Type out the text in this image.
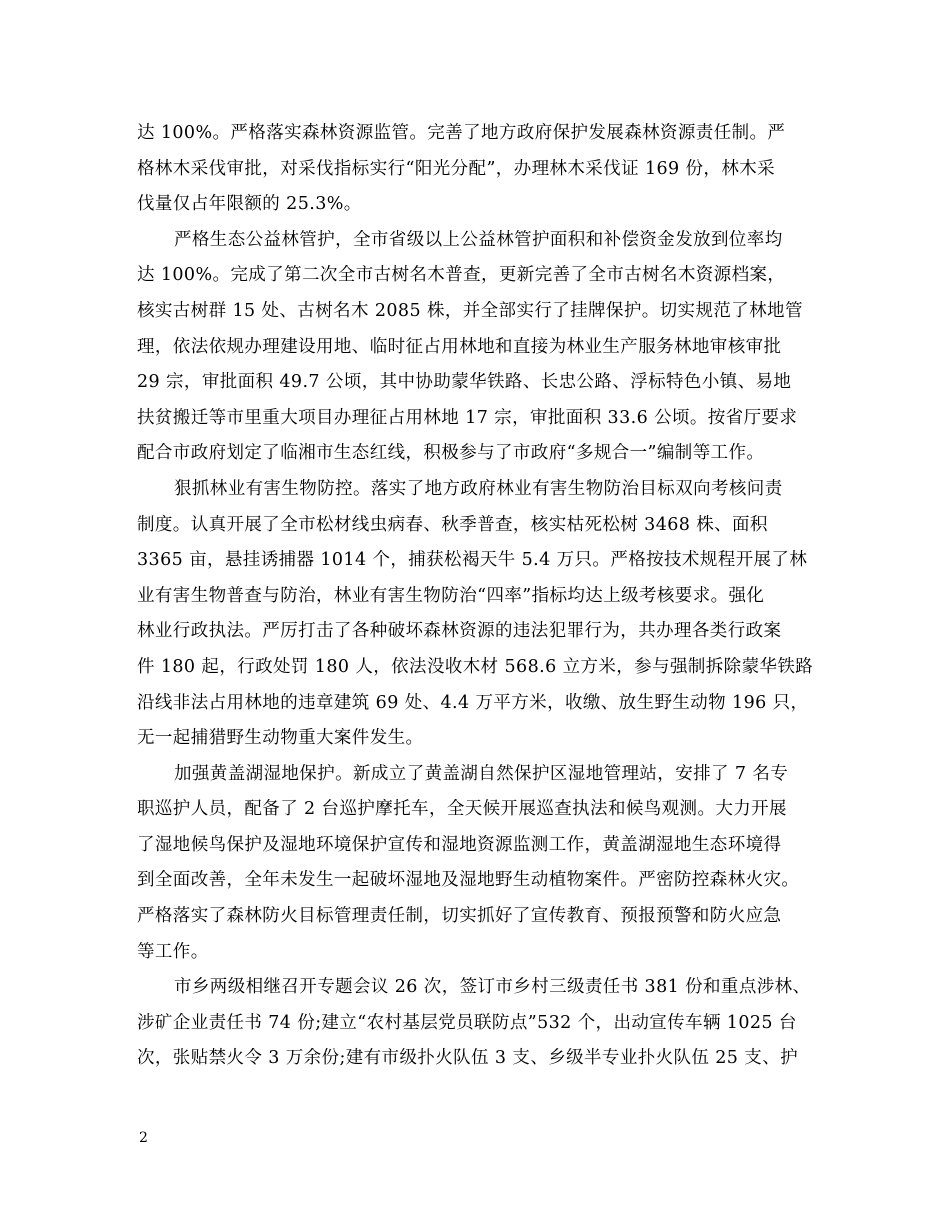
达 100%。严格落实森林资源监管。完善了地方政府保护发展森林资源责任制。严
格林木采伐审批，对采伐指标实行“阳光分配”，办理林木采伐证 169 份，林木采
伐量仅占年限额的 25.3%。
严格生态公益林管护，全市省级以上公益林管护面积和补偿资金发放到位率均
达 100%。完成了第二次全市古树名木普查，更新完善了全市古树名木资源档案，
核实古树群 15 处、古树名木 2085 株，并全部实行了挂牌保护。切实规范了林地管
理，依法依规办理建设用地、临时征占用林地和直接为林业生产服务林地审核审批
29 宗，审批面积 49.7 公顷，其中协助蒙华铁路、长忠公路、浮标特色小镇、易地
扶贫搬迁等市里重大项目办理征占用林地 17 宗，审批面积 33.6 公顷。按省厅要求
配合市政府划定了临湘市生态红线，积极参与了市政府“多规合一”编制等工作。
狠抓林业有害生物防控。落实了地方政府林业有害生物防治目标双向考核问责
制度。认真开展了全市松材线虫病春、秋季普查，核实枯死松树 3468 株、面积
3365 亩，悬挂诱捕器 1014 个，捕获松褐天牛 5.4 万只。严格按技术规程开展了林
业有害生物普查与防治，林业有害生物防治“四率”指标均达上级考核要求。强化
林业行政执法。严厉打击了各种破坏森林资源的违法犯罪行为，共办理各类行政案
件 180 起，行政处罚 180 人，依法没收木材 568.6 立方米，参与强制拆除蒙华铁路
沿线非法占用林地的违章建筑 69 处、4.4 万平方米，收缴、放生野生动物 196 只，
无一起捕猎野生动物重大案件发生。
加强黄盖湖湿地保护。新成立了黄盖湖自然保护区湿地管理站，安排了 7 名专
职巡护人员，配备了 2 台巡护摩托车，全天候开展巡查执法和候鸟观测。大力开展
了湿地候鸟保护及湿地环境保护宣传和湿地资源监测工作，黄盖湖湿地生态环境得
到全面改善，全年未发生一起破坏湿地及湿地野生动植物案件。严密防控森林火灾。
严格落实了森林防火目标管理责任制，切实抓好了宣传教育、预报预警和防火应急
等工作。
市乡两级相继召开专题会议 26 次，签订市乡村三级责任书 381 份和重点涉林、
涉矿企业责任书 74 份;建立“农村基层党员联防点”532 个，出动宣传车辆 1025 台
次，张贴禁火令 3 万余份;建有市级扑火队伍 3 支、乡级半专业扑火队伍 25 支、护
2
